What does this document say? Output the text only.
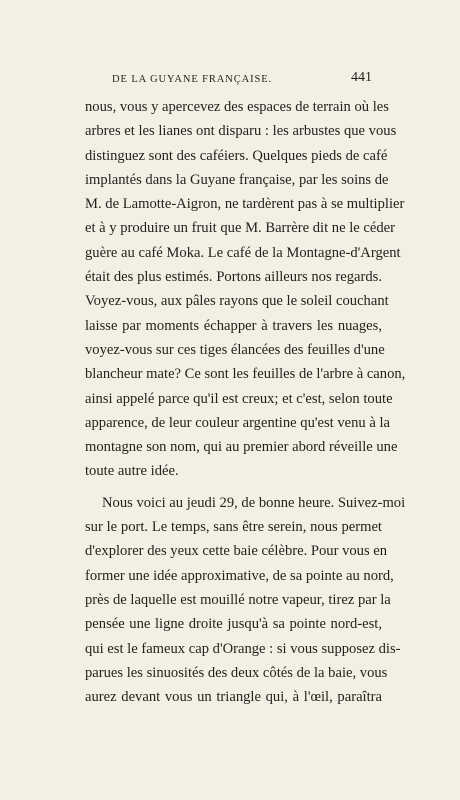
DE LA GUYANE FRANÇAISE.	441
nous, vous y apercevez des espaces de terrain où les
arbres et les lianes ont disparu : les arbustes que vous
distinguez sont des caféiers. Quelques pieds de café
implantés dans la Guyane française, par les soins de
M. de Lamotte-Aigron, ne tardèrent pas à se multiplier
et à y produire un fruit que M. Barrère dit ne le céder
guère au café Moka. Le café de la Montagne-d'Argent
était des plus estimés. Portons ailleurs nos regards.
Voyez-vous, aux pâles rayons que le soleil couchant
laisse par moments échapper à travers les nuages,
voyez-vous sur ces tiges élancées des feuilles d'une
blancheur mate? Ce sont les feuilles de l'arbre à canon,
ainsi appelé parce qu'il est creux; et c'est, selon toute
apparence, de leur couleur argentine qu'est venu à la
montagne son nom, qui au premier abord réveille une
toute autre idée.
Nous voici au jeudi 29, de bonne heure. Suivez-moi
sur le port. Le temps, sans être serein, nous permet
d'explorer des yeux cette baie célèbre. Pour vous en
former une idée approximative, de sa pointe au nord,
près de laquelle est mouillé notre vapeur, tirez par la
pensée une ligne droite jusqu'à sa pointe nord-est,
qui est le fameux cap d'Orange : si vous supposez dis-
parues les sinuosités des deux côtés de la baie, vous
aurez devant vous un triangle qui, à l'œil, paraîtra
